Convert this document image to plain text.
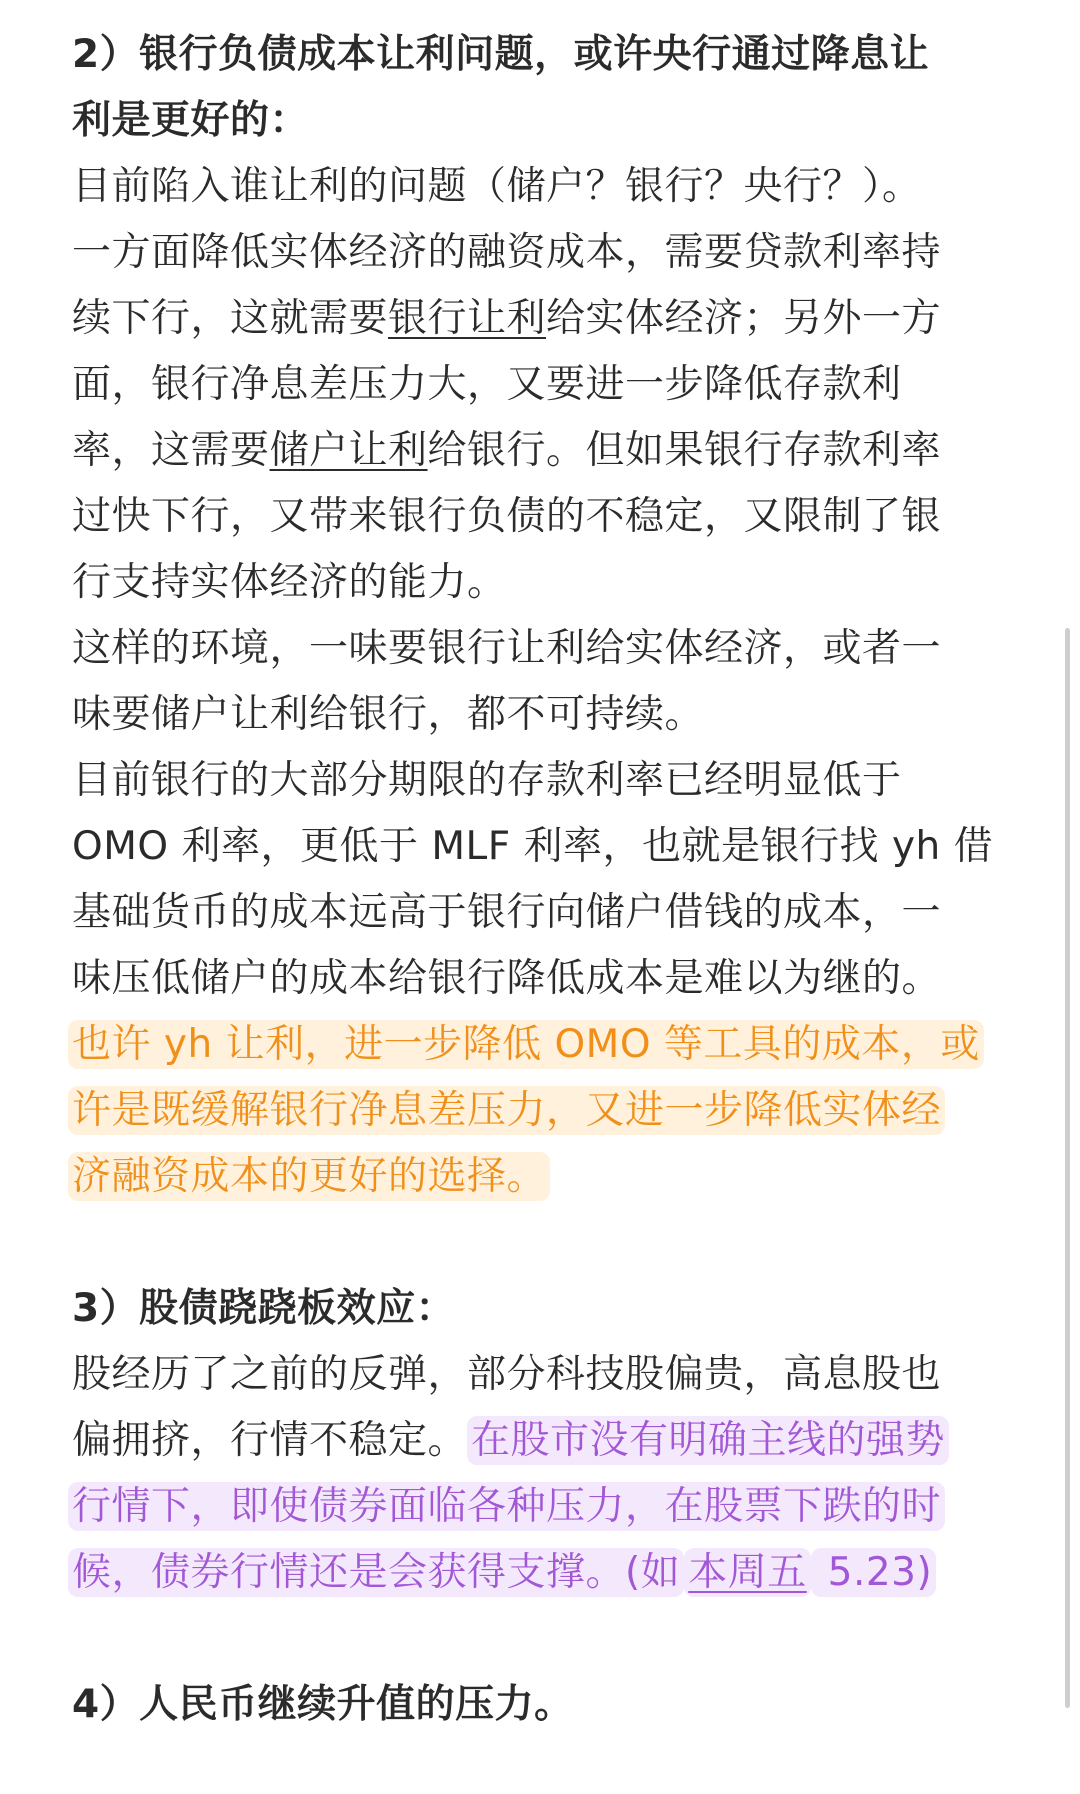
2）银行负债成本让利问题，或许央行通过降息让
利是更好的：
目前陷入谁让利的问题（储户？银行？央行？）。
一方面降低实体经济的融资成本，需要贷款利率持
续下行，这就需要银行让利给实体经济；另外一方
面，银行净息差压力大，又要进一步降低存款利
率，这需要储户让利给银行。但如果银行存款利率
过快下行，又带来银行负债的不稳定，又限制了银
行支持实体经济的能力。
这样的环境，一味要银行让利给实体经济，或者一
味要储户让利给银行，都不可持续。
目前银行的大部分期限的存款利率已经明显低于
OMO 利率，更低于 MLF 利率，也就是银行找 yh 借
基础货币的成本远高于银行向储户借钱的成本，一
味压低储户的成本给银行降低成本是难以为继的。
也许 yh 让利，进一步降低 OMO 等工具的成本，或
许是既缓解银行净息差压力，又进一步降低实体经
济融资成本的更好的选择。
3）股债跷跷板效应：
股经历了之前的反弹，部分科技股偏贵，高息股也
偏拥挤，行情不稳定。 在股市没有明确主线的强势
行情下，即使债券面临各种压力，在股票下跌的时
候，债券行情还是会获得支撑。(如 本周五 5.23)
4）人民币继续升值的压力。
